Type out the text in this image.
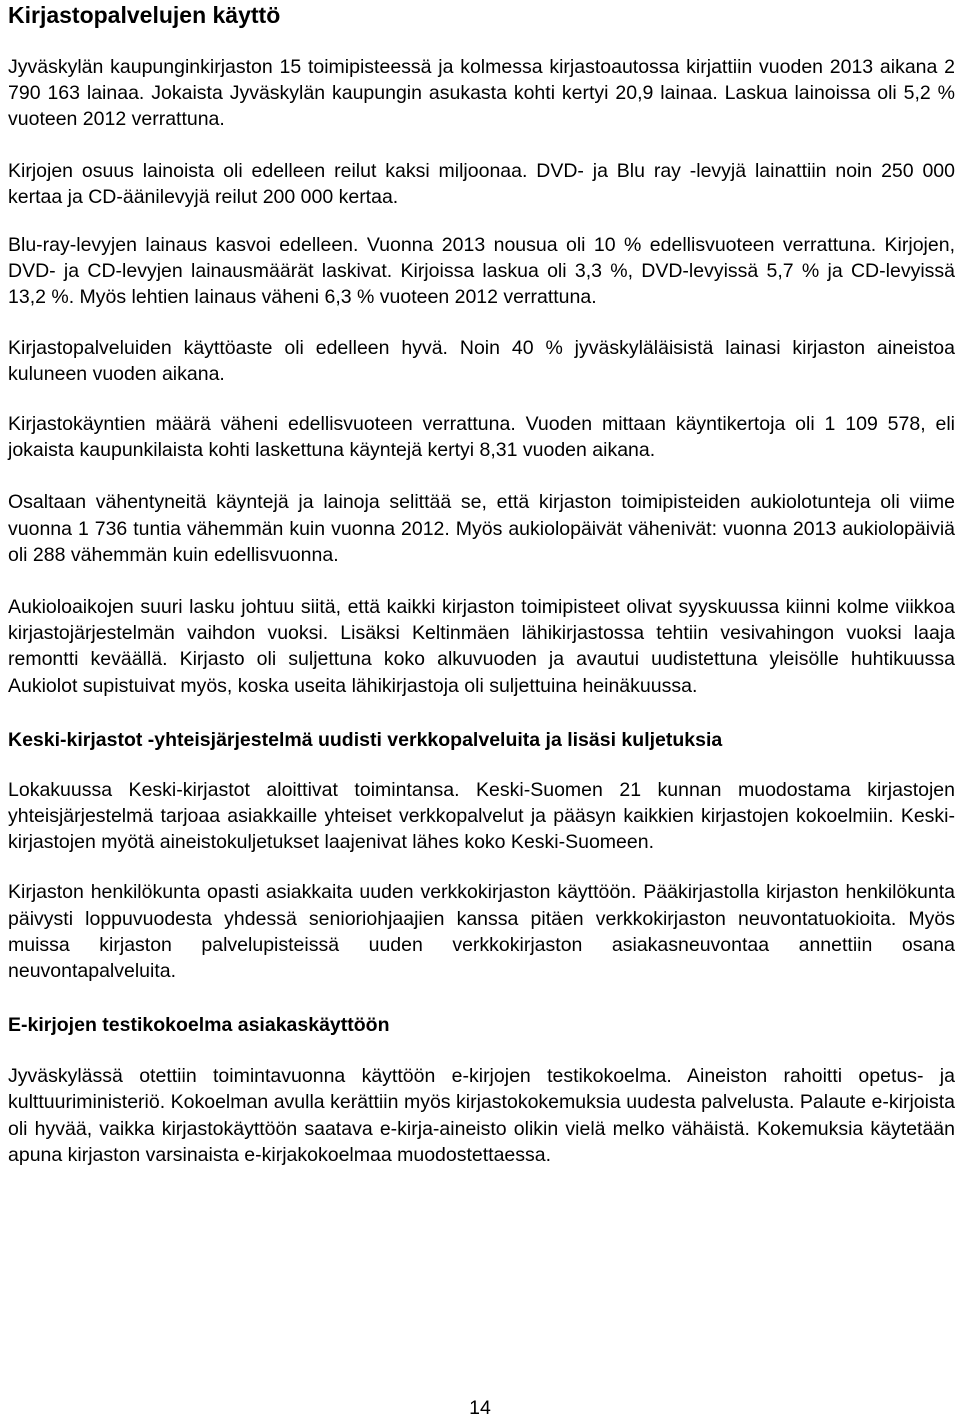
Kirjastopalvelujen käyttö

Jyväskylän kaupunginkirjaston 15 toimipisteessä ja kolmessa kirjastoautossa kirjattiin vuoden 2013 aikana 2 790 163 lainaa. Jokaista Jyväskylän kaupungin asukasta kohti kertyi 20,9 lainaa. Laskua lainoissa oli 5,2 % vuoteen 2012 verrattuna.

Kirjojen osuus lainoista oli edelleen reilut kaksi miljoonaa. DVD- ja Blu ray -levyjä lainattiin noin 250 000 kertaa ja CD-äänilevyjä reilut 200 000 kertaa.

Blu-ray-levyjen lainaus kasvoi edelleen. Vuonna 2013 nousua oli 10 % edellisvuoteen verrattuna. Kirjojen, DVD- ja CD-levyjen lainausmäärät laskivat. Kirjoissa laskua oli 3,3 %, DVD-levyissä 5,7 % ja CD-levyissä 13,2 %. Myös lehtien lainaus väheni 6,3 % vuoteen 2012 verrattuna.

Kirjastopalveluiden käyttöaste oli edelleen hyvä. Noin 40 % jyväskyläläisistä lainasi kirjaston aineistoa kuluneen vuoden aikana.

Kirjastokäyntien määrä väheni edellisvuoteen verrattuna. Vuoden mittaan käyntikertoja oli 1 109 578, eli jokaista kaupunkilaista kohti laskettuna käyntejä kertyi 8,31 vuoden aikana.

Osaltaan vähentyneitä käyntejä ja lainoja selittää se, että kirjaston toimipisteiden aukiolotunteja oli viime vuonna 1 736 tuntia vähemmän kuin vuonna 2012. Myös aukiolopäivät vähenivät: vuonna 2013 aukiolopäiviä oli 288 vähemmän kuin edellisvuonna.

Aukioloaikojen suuri lasku johtuu siitä, että kaikki kirjaston toimipisteet olivat syyskuussa kiinni kolme viikkoa kirjastojärjestelmän vaihdon vuoksi. Lisäksi Keltinmäen lähikirjastossa tehtiin vesivahingon vuoksi laaja remontti keväällä. Kirjasto oli suljettuna koko alkuvuoden ja avautui uudistettuna yleisölle huhtikuussa Aukiolot supistuivat myös, koska useita lähikirjastoja oli suljettuina heinäkuussa.

Keski-kirjastot -yhteisjärjestelmä uudisti verkkopalveluita ja lisäsi kuljetuksia

Lokakuussa Keski-kirjastot aloittivat toimintansa. Keski-Suomen 21 kunnan muodostama kirjastojen yhteisjärjestelmä tarjoaa asiakkaille yhteiset verkkopalvelut ja pääsyn kaikkien kirjastojen kokoelmiin. Keski-kirjastojen myötä aineistokuljetukset laajenivat lähes koko Keski-Suomeen.

Kirjaston henkilökunta opasti asiakkaita uuden verkkokirjaston käyttöön. Pääkirjastolla kirjaston henkilökunta päivysti loppuvuodesta yhdessä senioriohjaajien kanssa pitäen verkkokirjaston neuvontatuokioita. Myös muissa kirjaston palvelupisteissä uuden verkkokirjaston asiakasneuvontaa annettiin osana neuvontapalveluita.

E-kirjojen testikokoelma asiakaskäyttöön

Jyväskylässä otettiin toimintavuonna käyttöön e-kirjojen testikokoelma. Aineiston rahoitti opetus- ja kulttuuriministeriö. Kokoelman avulla kerättiin myös kirjastokokemuksia uudesta palvelusta. Palaute e-kirjoista oli hyvää, vaikka kirjastokäyttöön saatava e-kirja-aineisto olikin vielä melko vähäistä. Kokemuksia käytetään apuna kirjaston varsinaista e-kirjakokoelmaa muodostettaessa.

14
